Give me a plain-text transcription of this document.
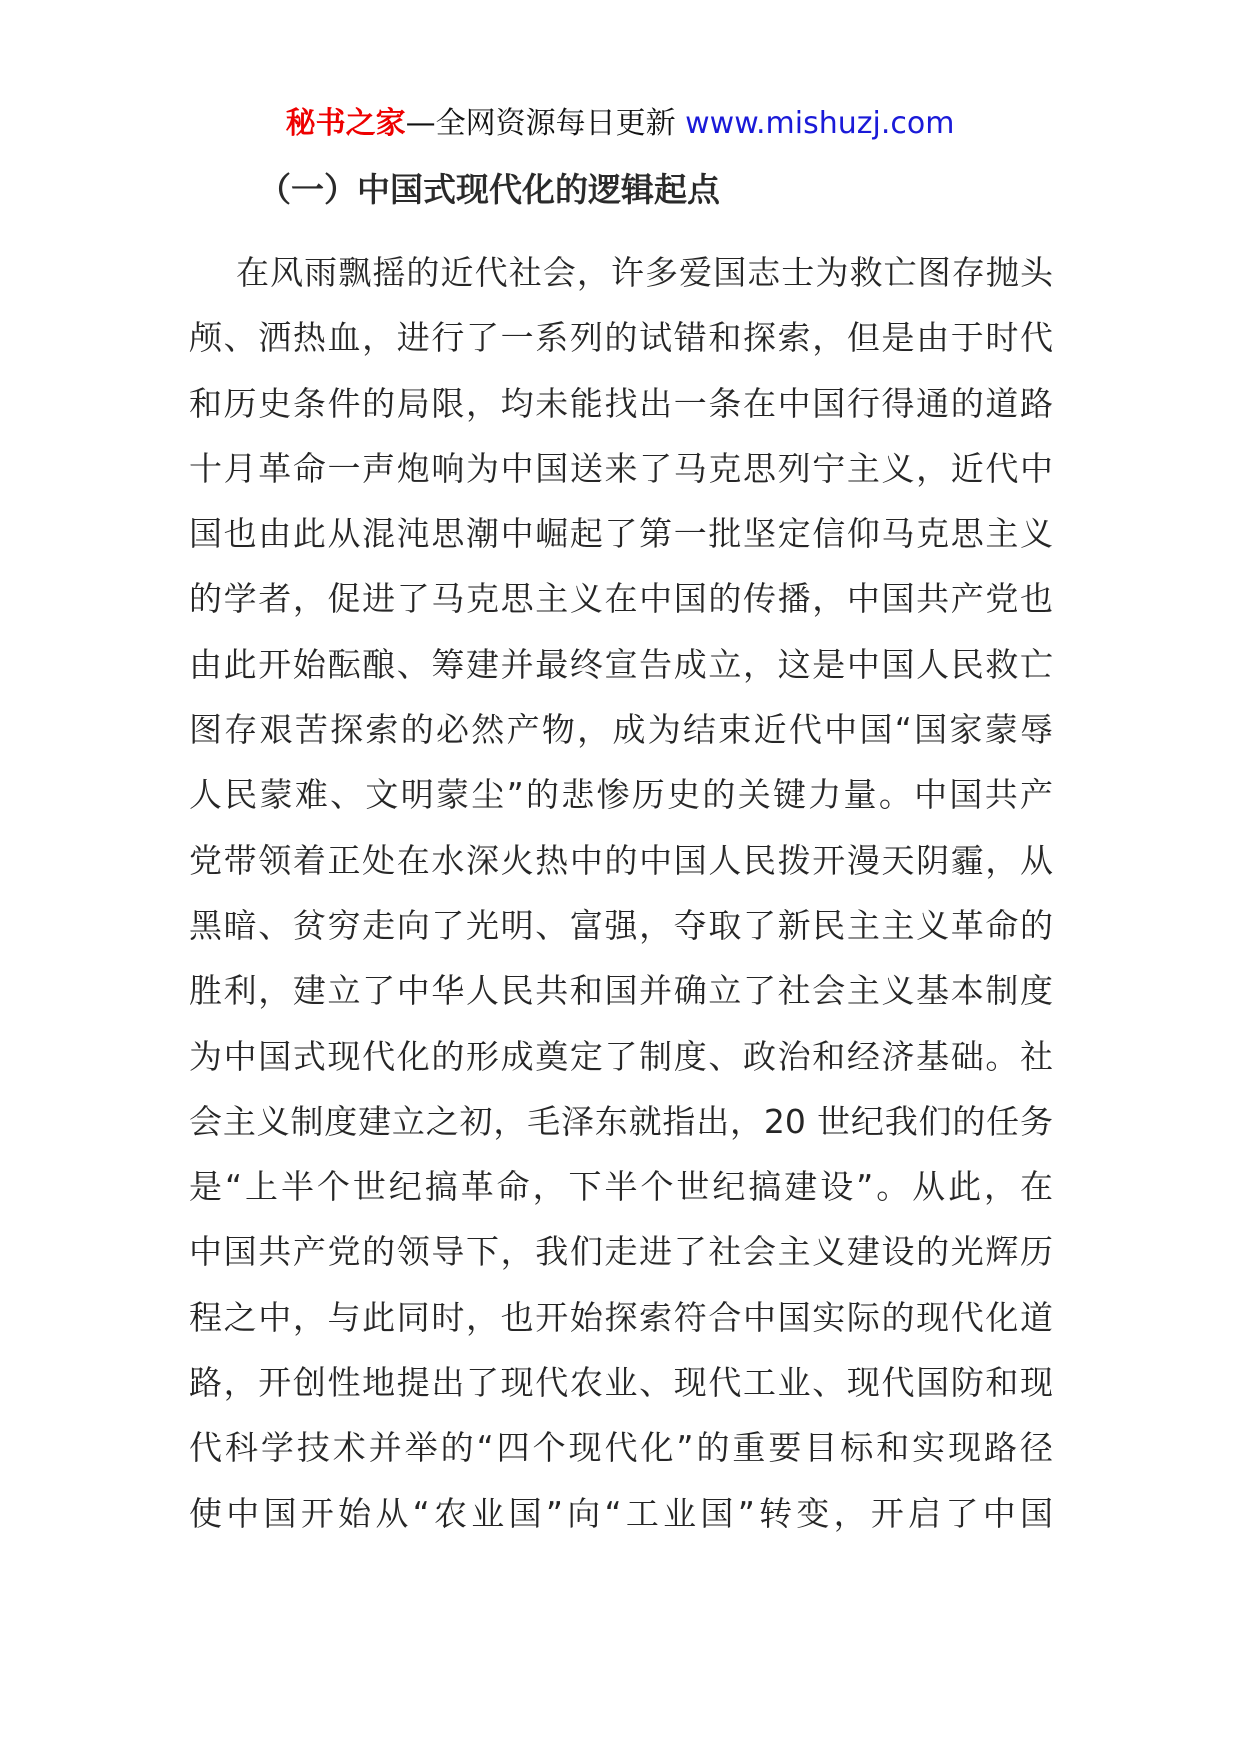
秘书之家—全网资源每日更新 www.mishuzj.com
（一）中国式现代化的逻辑起点
在风雨飘摇的近代社会，许多爱国志士为救亡图存抛头
颅、洒热血，进行了一系列的试错和探索，但是由于时代
和历史条件的局限，均未能找出一条在中国行得通的道路
十月革命一声炮响为中国送来了马克思列宁主义，近代中
国也由此从混沌思潮中崛起了第一批坚定信仰马克思主义
的学者，促进了马克思主义在中国的传播，中国共产党也
由此开始酝酿、筹建并最终宣告成立，这是中国人民救亡
图存艰苦探索的必然产物，成为结束近代中国“国家蒙辱
人民蒙难、文明蒙尘”的悲惨历史的关键力量。中国共产
党带领着正处在水深火热中的中国人民拨开漫天阴霾，从
黑暗、贫穷走向了光明、富强，夺取了新民主主义革命的
胜利，建立了中华人民共和国并确立了社会主义基本制度
为中国式现代化的形成奠定了制度、政治和经济基础。社
会主义制度建立之初，毛泽东就指出，20 世纪我们的任务
是“上半个世纪搞革命，下半个世纪搞建设”。从此，在
中国共产党的领导下，我们走进了社会主义建设的光辉历
程之中，与此同时，也开始探索符合中国实际的现代化道
路，开创性地提出了现代农业、现代工业、现代国防和现
代科学技术并举的“四个现代化”的重要目标和实现路径
使中国开始从“农业国”向“工业国”转变，开启了中国
